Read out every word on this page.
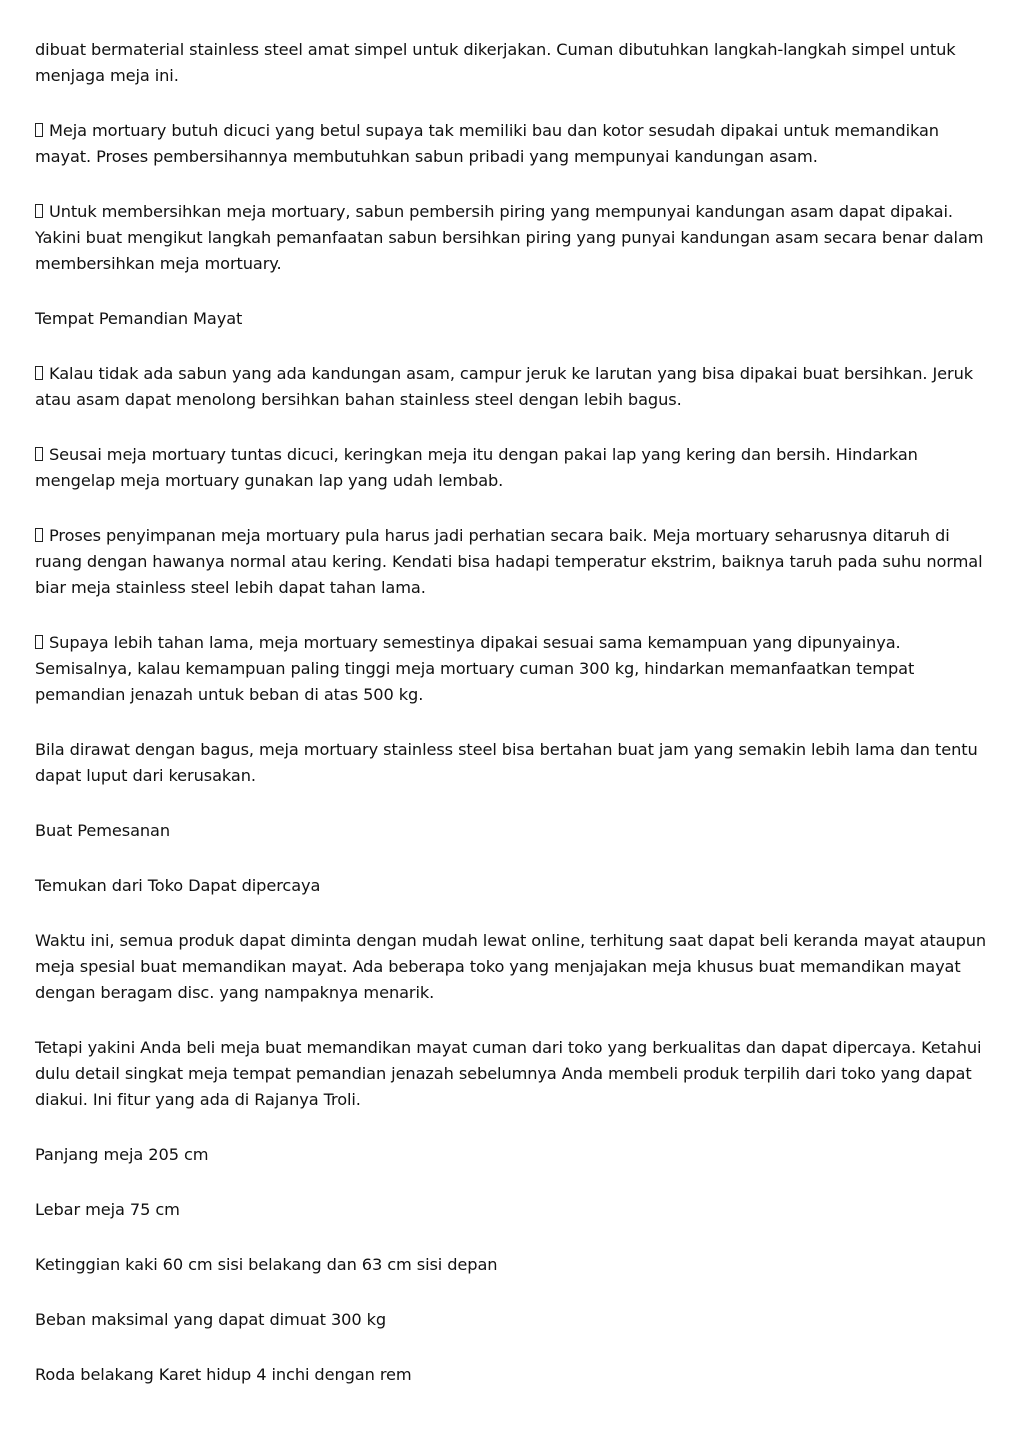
dibuat bermaterial stainless steel amat simpel untuk dikerjakan. Cuman dibutuhkan langkah-langkah simpel untuk menjaga meja ini.

Meja mortuary butuh dicuci yang betul supaya tak memiliki bau dan kotor sesudah dipakai untuk memandikan mayat. Proses pembersihannya membutuhkan sabun pribadi yang mempunyai kandungan asam.

Untuk membersihkan meja mortuary, sabun pembersih piring yang mempunyai kandungan asam dapat dipakai. Yakini buat mengikut langkah pemanfaatan sabun bersihkan piring yang punyai kandungan asam secara benar dalam membersihkan meja mortuary.

Tempat Pemandian Mayat

Kalau tidak ada sabun yang ada kandungan asam, campur jeruk ke larutan yang bisa dipakai buat bersihkan. Jeruk atau asam dapat menolong bersihkan bahan stainless steel dengan lebih bagus.

Seusai meja mortuary tuntas dicuci, keringkan meja itu dengan pakai lap yang kering dan bersih. Hindarkan mengelap meja mortuary gunakan lap yang udah lembab.

Proses penyimpanan meja mortuary pula harus jadi perhatian secara baik. Meja mortuary seharusnya ditaruh di ruang dengan hawanya normal atau kering. Kendati bisa hadapi temperatur ekstrim, baiknya taruh pada suhu normal biar meja stainless steel lebih dapat tahan lama.

Supaya lebih tahan lama, meja mortuary semestinya dipakai sesuai sama kemampuan yang dipunyainya. Semisalnya, kalau kemampuan paling tinggi meja mortuary cuman 300 kg, hindarkan memanfaatkan tempat pemandian jenazah untuk beban di atas 500 kg.

Bila dirawat dengan bagus, meja mortuary stainless steel bisa bertahan buat jam yang semakin lebih lama dan tentu dapat luput dari kerusakan.

Buat Pemesanan

Temukan dari Toko Dapat dipercaya

Waktu ini, semua produk dapat diminta dengan mudah lewat online, terhitung saat dapat beli keranda mayat ataupun meja spesial buat memandikan mayat. Ada beberapa toko yang menjajakan meja khusus buat memandikan mayat dengan beragam disc. yang nampaknya menarik.

Tetapi yakini Anda beli meja buat memandikan mayat cuman dari toko yang berkualitas dan dapat dipercaya. Ketahui dulu detail singkat meja tempat pemandian jenazah sebelumnya Anda membeli produk terpilih dari toko yang dapat diakui. Ini fitur yang ada di Rajanya Troli.

Panjang meja 205 cm

Lebar meja 75 cm

Ketinggian kaki 60 cm sisi belakang dan 63 cm sisi depan

Beban maksimal yang dapat dimuat 300 kg

Roda belakang Karet hidup 4 inchi dengan rem
